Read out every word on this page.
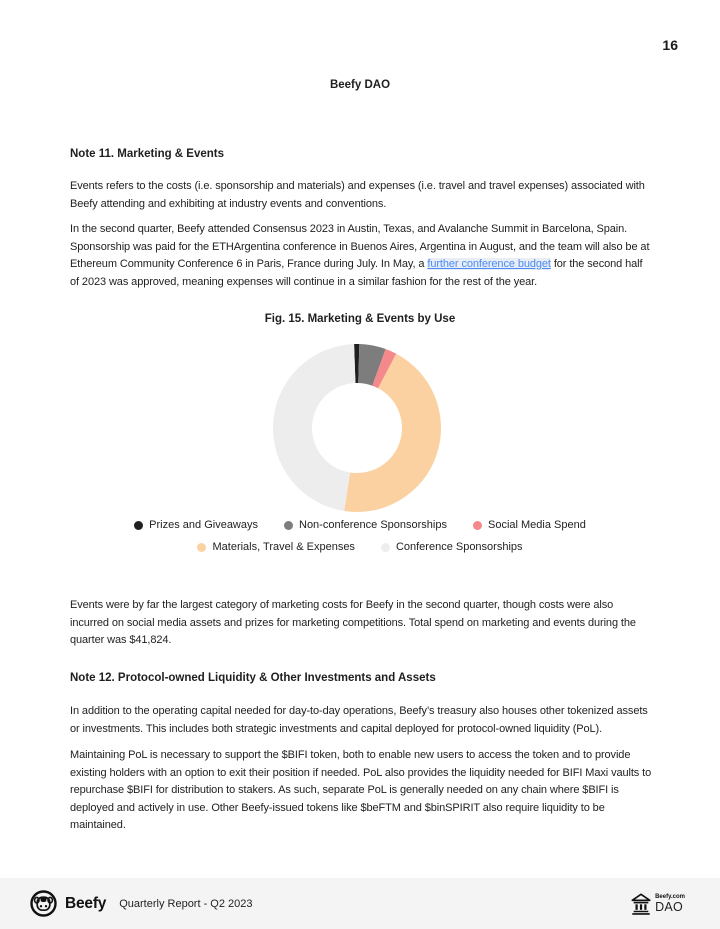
16
Beefy DAO
Note 11. Marketing & Events
Events refers to the costs (i.e. sponsorship and materials) and expenses (i.e. travel and travel expenses) associated with Beefy attending and exhibiting at industry events and conventions.
In the second quarter, Beefy attended Consensus 2023 in Austin, Texas, and Avalanche Summit in Barcelona, Spain. Sponsorship was paid for the ETHArgentina conference in Buenos Aires, Argentina in August, and the team will also be at Ethereum Community Conference 6 in Paris, France during July. In May, a further conference budget for the second half of 2023 was approved, meaning expenses will continue in a similar fashion for the rest of the year.
Fig. 15. Marketing & Events by Use
Prizes and Giveaways	Non-conference Sponsorships	Social Media Spend
Materials, Travel & Expenses	Conference Sponsorships
Events were by far the largest category of marketing costs for Beefy in the second quarter, though costs were also incurred on social media assets and prizes for marketing competitions. Total spend on marketing and events during the quarter was $41,824.
Note 12. Protocol-owned Liquidity & Other Investments and Assets
In addition to the operating capital needed for day-to-day operations, Beefy’s treasury also houses other tokenized assets or investments. This includes both strategic investments and capital deployed for protocol-owned liquidity (PoL).
Maintaining PoL is necessary to support the $BIFI token, both to enable new users to access the token and to provide existing holders with an option to exit their position if needed. PoL also provides the liquidity needed for BIFI Maxi vaults to repurchase $BIFI for distribution to stakers. As such, separate PoL is generally needed on any chain where $BIFI is deployed and actively in use. Other Beefy-issued tokens like $beFTM and $binSPIRIT also require liquidity to be maintained.
Beefy Quarterly Report - Q2 2023
Beefy.com
DAO
